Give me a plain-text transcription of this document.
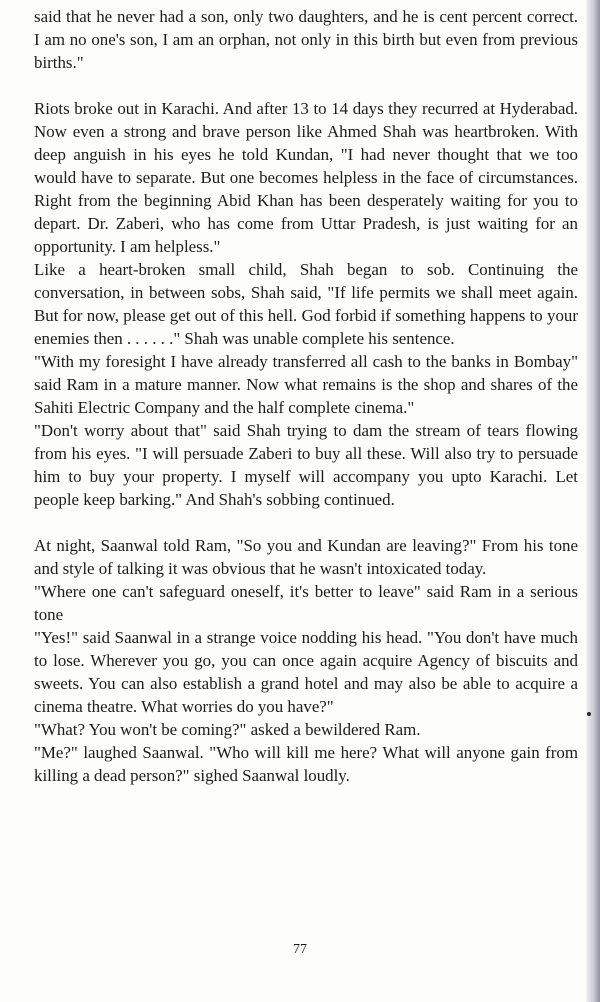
said that he never had a son, only two daughters, and he is cent percent correct. I am no one's son, I am an orphan, not only in this birth but even from previous births."

Riots broke out in Karachi. And after 13 to 14 days they recurred at Hyderabad. Now even a strong and brave person like Ahmed Shah was heartbroken. With deep anguish in his eyes he told Kundan, "I had never thought that we too would have to separate. But one becomes helpless in the face of circumstances. Right from the beginning Abid Khan has been desperately waiting for you to depart. Dr. Zaberi, who has come from Uttar Pradesh, is just waiting for an opportunity. I am helpless."

Like a heart-broken small child, Shah began to sob. Continuing the conversation, in between sobs, Shah said, "If life permits we shall meet again. But for now, please get out of this hell. God forbid if something happens to your enemies then . . . . . ." Shah was unable complete his sentence.

"With my foresight I have already transferred all cash to the banks in Bombay" said Ram in a mature manner. Now what remains is the shop and shares of the Sahiti Electric Company and the half complete cinema."

"Don't worry about that" said Shah trying to dam the stream of tears flowing from his eyes. "I will persuade Zaberi to buy all these. Will also try to persuade him to buy your property. I myself will accompany you upto Karachi. Let people keep barking." And Shah's sobbing continued.

At night, Saanwal told Ram, "So you and Kundan are leaving?" From his tone and style of talking it was obvious that he wasn't intoxicated today.

"Where one can't safeguard oneself, it's better to leave" said Ram in a serious tone

"Yes!" said Saanwal in a strange voice nodding his head. "You don't have much to lose. Wherever you go, you can once again acquire Agency of biscuits and sweets. You can also establish a grand hotel and may also be able to acquire a cinema theatre. What worries do you have?"

"What? You won't be coming?" asked a bewildered Ram.

"Me?" laughed Saanwal. "Who will kill me here? What will anyone gain from killing a dead person?" sighed Saanwal loudly.

77
